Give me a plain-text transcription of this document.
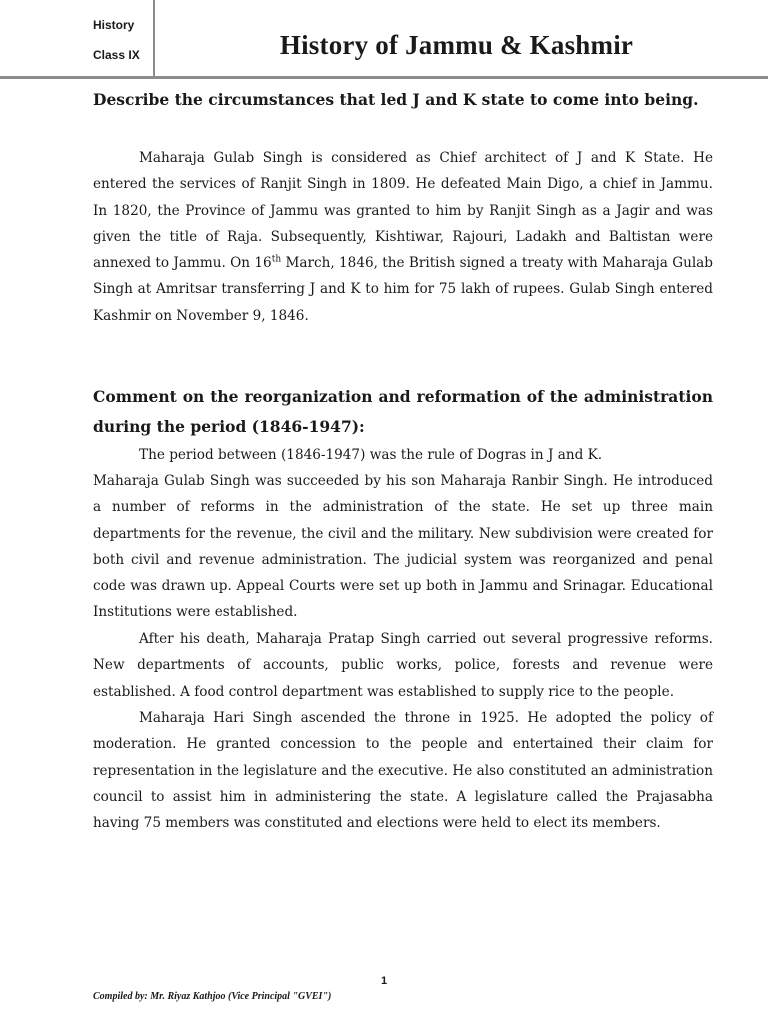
History
Class IX	History of Jammu & Kashmir

Describe the circumstances that led J and K state to come into being.

Maharaja Gulab Singh is considered as Chief architect of J and K State. He entered the services of Ranjit Singh in 1809. He defeated Main Digo, a chief in Jammu. In 1820, the Province of Jammu was granted to him by Ranjit Singh as a Jagir and was given the title of Raja. Subsequently, Kishtiwar, Rajouri, Ladakh and Baltistan were annexed to Jammu. On 16th March, 1846, the British signed a treaty with Maharaja Gulab Singh at Amritsar transferring J and K to him for 75 lakh of rupees. Gulab Singh entered Kashmir on November 9, 1846.

Comment on the reorganization and reformation of the administration during the period (1846-1947):

The period between (1846-1947) was the rule of Dogras in J and K.

Maharaja Gulab Singh was succeeded by his son Maharaja Ranbir Singh. He introduced a number of reforms in the administration of the state. He set up three main departments for the revenue, the civil and the military. New subdivision were created for both civil and revenue administration. The judicial system was reorganized and penal code was drawn up. Appeal Courts were set up both in Jammu and Srinagar. Educational Institutions were established.

After his death, Maharaja Pratap Singh carried out several progressive reforms. New departments of accounts, public works, police, forests and revenue were established. A food control department was established to supply rice to the people.

Maharaja Hari Singh ascended the throne in 1925. He adopted the policy of moderation. He granted concession to the people and entertained their claim for representation in the legislature and the executive. He also constituted an administration council to assist him in administering the state. A legislature called the Prajasabha having 75 members was constituted and elections were held to elect its members.

1
Compiled by: Mr. Riyaz Kathjoo (Vice Principal "GVEI")
